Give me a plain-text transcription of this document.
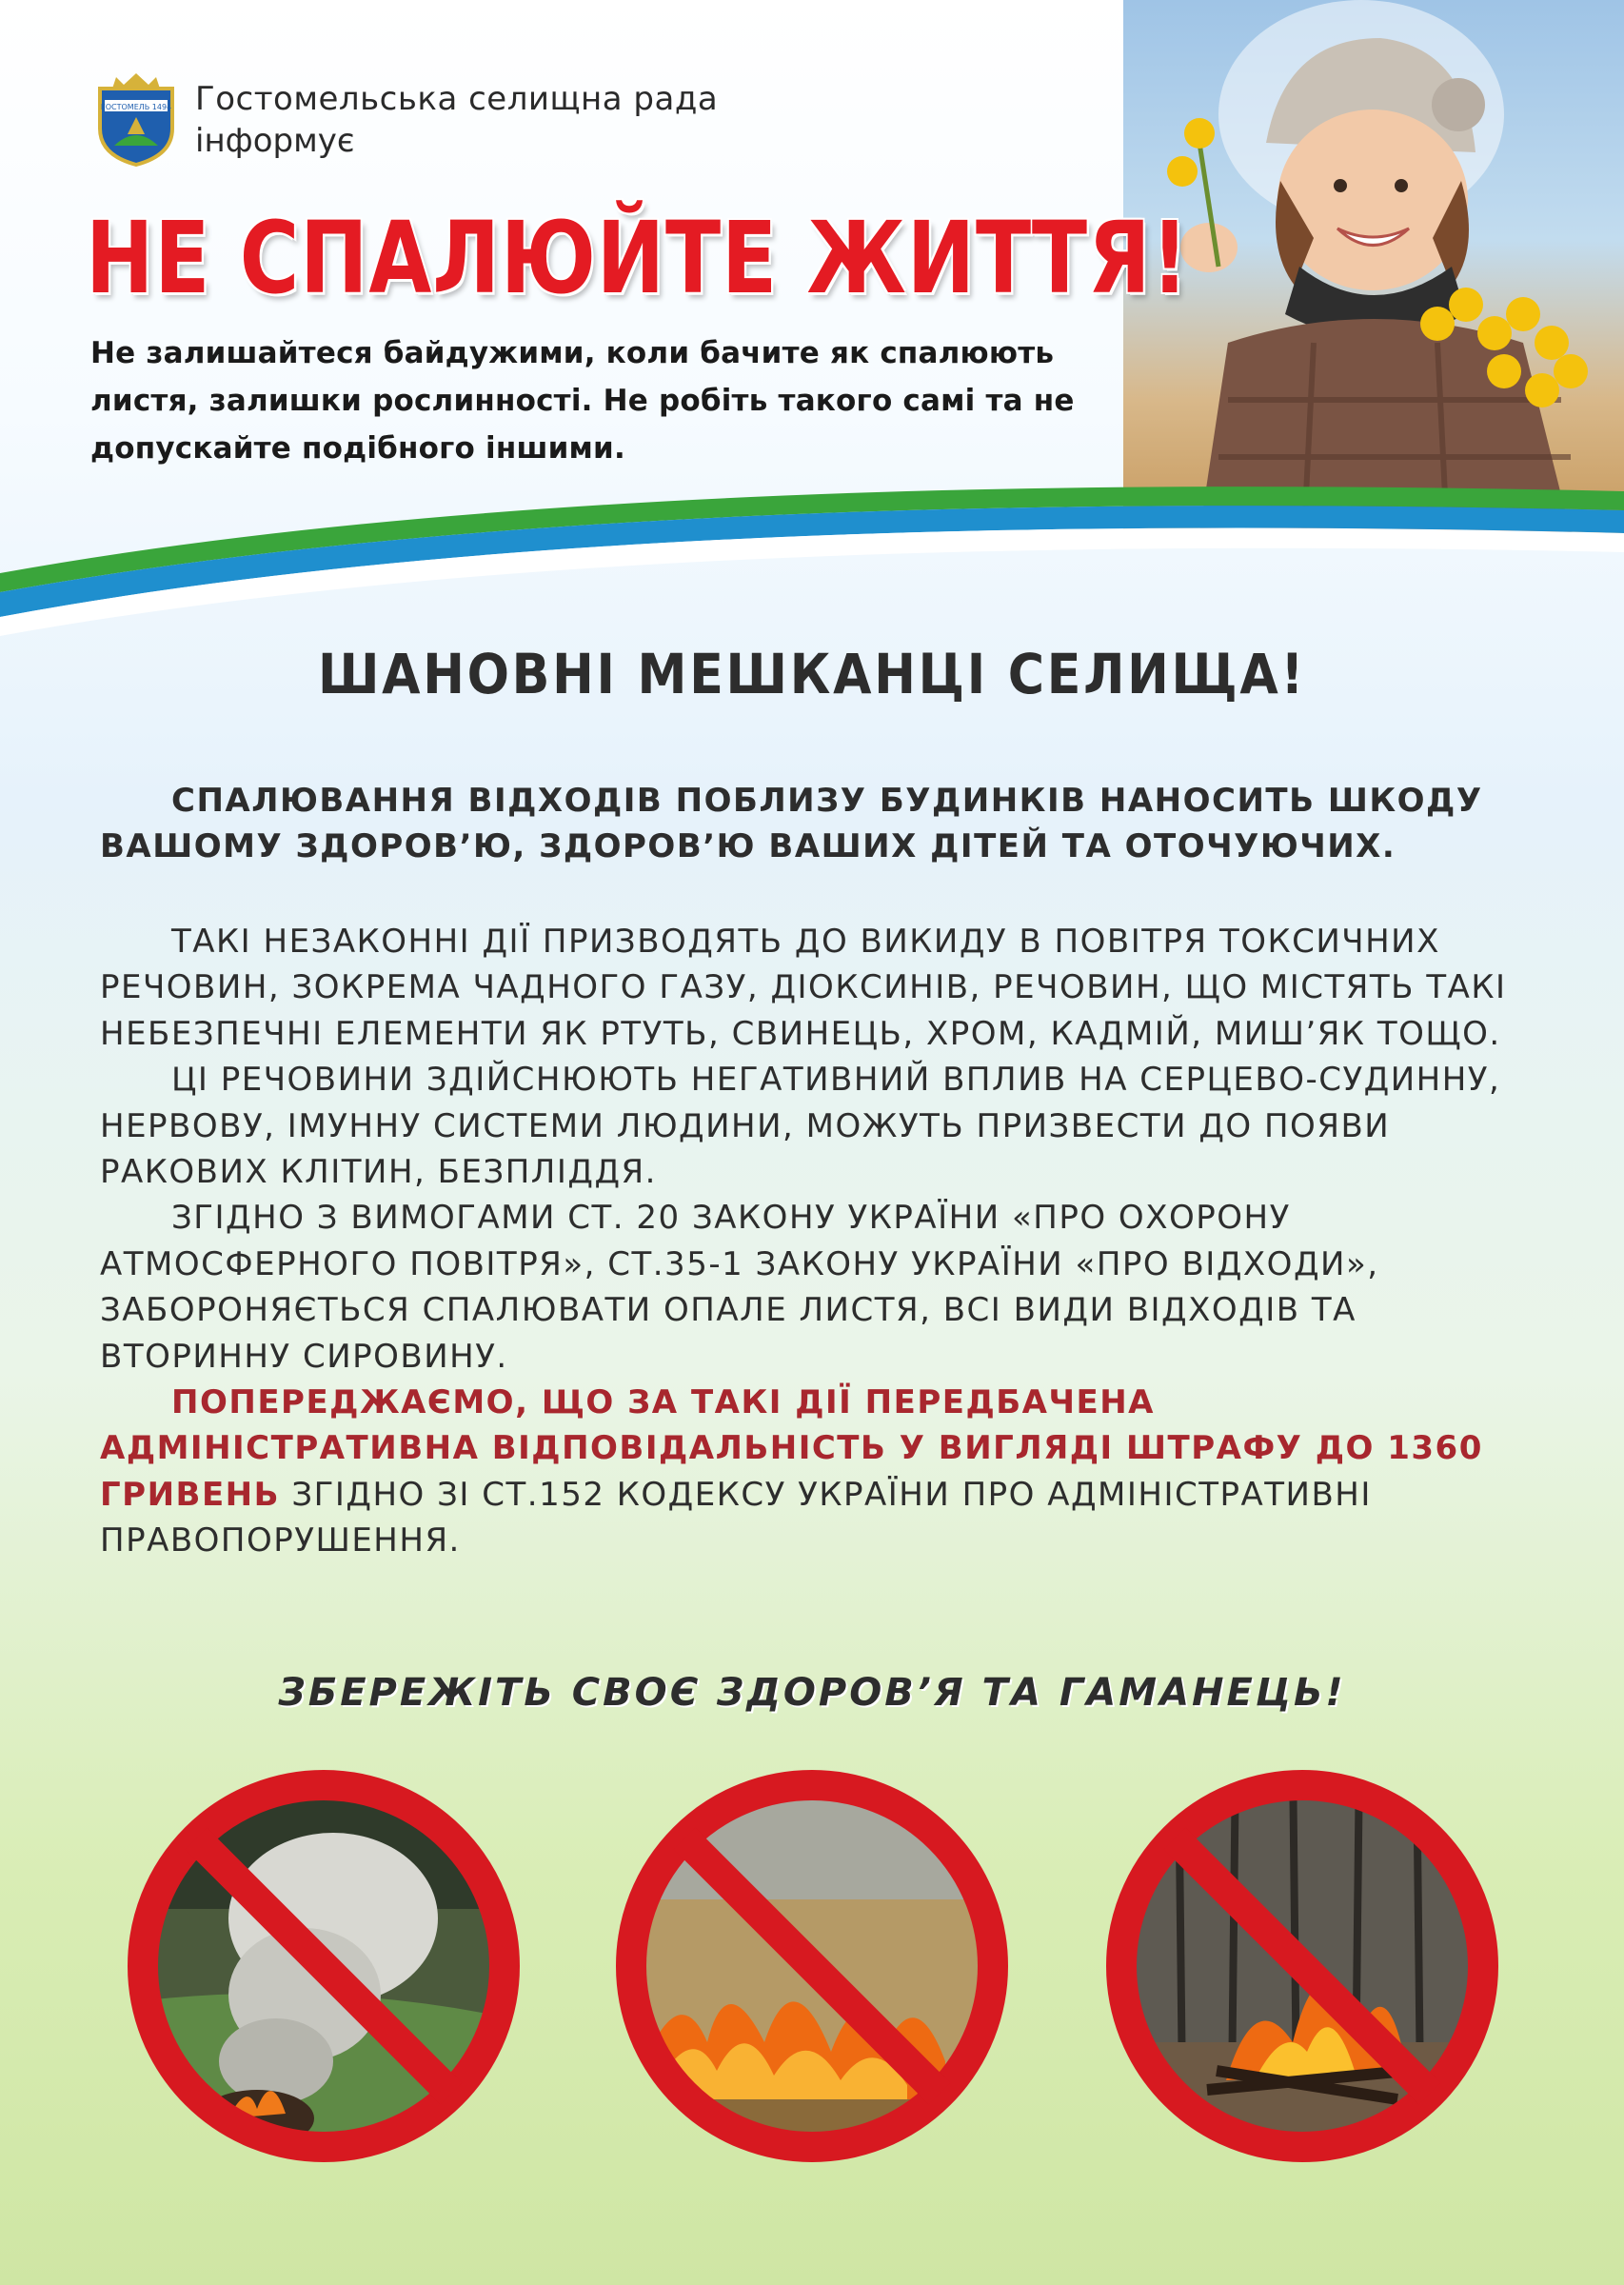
ГОСТОМЕЛЬ 1494 Гостомельська селищна рада
інформує
НЕ СПАЛЮЙТЕ ЖИТТЯ!
Не залишайтеся байдужими, коли бачите як спалюють листя, залишки рослинності. Не робіть такого самі та не допускайте подібного іншими.
ШАНОВНІ МЕШКАНЦІ СЕЛИЩА!
СПАЛЮВАННЯ ВІДХОДІВ ПОБЛИЗУ БУДИНКІВ НАНОСИТЬ ШКОДУ ВАШОМУ ЗДОРОВ’Ю, ЗДОРОВ’Ю ВАШИХ ДІТЕЙ ТА ОТОЧУЮЧИХ.

ТАКІ НЕЗАКОННІ ДІЇ ПРИЗВОДЯТЬ ДО ВИКИДУ В ПОВІТРЯ ТОКСИЧНИХ РЕЧОВИН, ЗОКРЕМА ЧАДНОГО ГАЗУ, ДІОКСИНІВ, РЕЧОВИН, ЩО МІСТЯТЬ ТАКІ НЕБЕЗПЕЧНІ ЕЛЕМЕНТИ ЯК РТУТЬ, СВИНЕЦЬ, ХРОМ, КАДМІЙ, МИШ’ЯК ТОЩО.

ЦІ РЕЧОВИНИ ЗДІЙСНЮЮТЬ НЕГАТИВНИЙ ВПЛИВ НА СЕРЦЕВО-СУДИННУ, НЕРВОВУ, ІМУННУ СИСТЕМИ ЛЮДИНИ, МОЖУТЬ ПРИЗВЕСТИ ДО ПОЯВИ РАКОВИХ КЛІТИН, БЕЗПЛІДДЯ.

ЗГІДНО З ВИМОГАМИ СТ. 20 ЗАКОНУ УКРАЇНИ «ПРО ОХОРОНУ АТМОСФЕРНОГО ПОВІТРЯ», СТ.35-1 ЗАКОНУ УКРАЇНИ «ПРО ВІДХОДИ», ЗАБОРОНЯЄТЬСЯ СПАЛЮВАТИ ОПАЛЕ ЛИСТЯ, ВСІ ВИДИ ВІДХОДІВ ТА ВТОРИННУ СИРОВИНУ.

ПОПЕРЕДЖАЄМО, ЩО ЗА ТАКІ ДІЇ ПЕРЕДБАЧЕНА АДМІНІСТРАТИВНА ВІДПОВІДАЛЬНІСТЬ У ВИГЛЯДІ ШТРАФУ ДО 1360 ГРИВЕНЬ ЗГІДНО ЗІ СТ.152 КОДЕКСУ УКРАЇНИ ПРО АДМІНІСТРАТИВНІ ПРАВОПОРУШЕННЯ.

ЗБЕРЕЖІТЬ СВОЄ ЗДОРОВ’Я ТА ГАМАНЕЦЬ!
